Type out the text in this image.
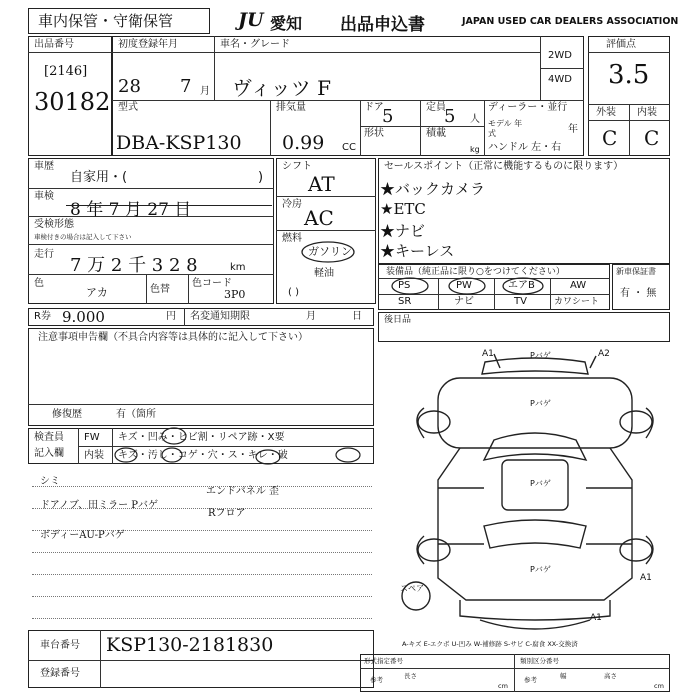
車内保管・守衛保管	JU 愛知 出品申込書	JAPAN USED CAR DEALERS ASSOCIATION
出品番号
[2146]
30182
初度登録年月
28 7 月
車名・グレード
ヴィッツ F
2WD
4WD
型式
DBA-KSP130
排気量
0.99 CC
ドア
5
形状
定員
5 人
積載
kg
ディーラー・並行
モデル 年式	年
ハンドル 左・右
評価点
3.5
外装 内装
C C
車歴
自家用・(	)
車検
8 年 7 月 27 日
受検形態
車検付きの場合は記入して下さい
走行
7 万 2 千 3 2 8	km
色
アカ	色替
色コード
3P0
シフト
AT
冷房
AC
燃料
ガソリン
軽油
( )
セールスポイント（正常に機能するものに限ります）
★バックカメラ
★ETC
★ナビ
★キーレス
装備品（純正品に限り○をつけてください）
PS	PW	エアB	AW
SR	ナビ	TV	カワシート
新車保証書
有 ・ 無
R券 9.000	円 名変通知期限	月	日
注意事項申告欄（不具合内容等は具体的に記入して下さい）
修復歴	有（箇所
後日品
検査員
記入欄
FW キズ・凹み・ヒビ割・リペア跡・X要
内装 キズ・汚し・コゲ・穴・ス・キレ・破
シミ
ドアノブ、田ミラー Pバゲ
ボディーAU-Pバゲ
エンドパネル 歪
Rフロア
A1	Pバゲ	A2
Pバゲ
Pバゲ
Pバゲ
A1
A1
スペア
A-キズ E-エクボ U-凹み W-補修跡 S-サビ C-腐食 XX-交換済
車台番号 KSP130-2181830
登録番号
形式指定番号	類別区分番号
参考	長さ
cm
参考	幅	高さ
cm
